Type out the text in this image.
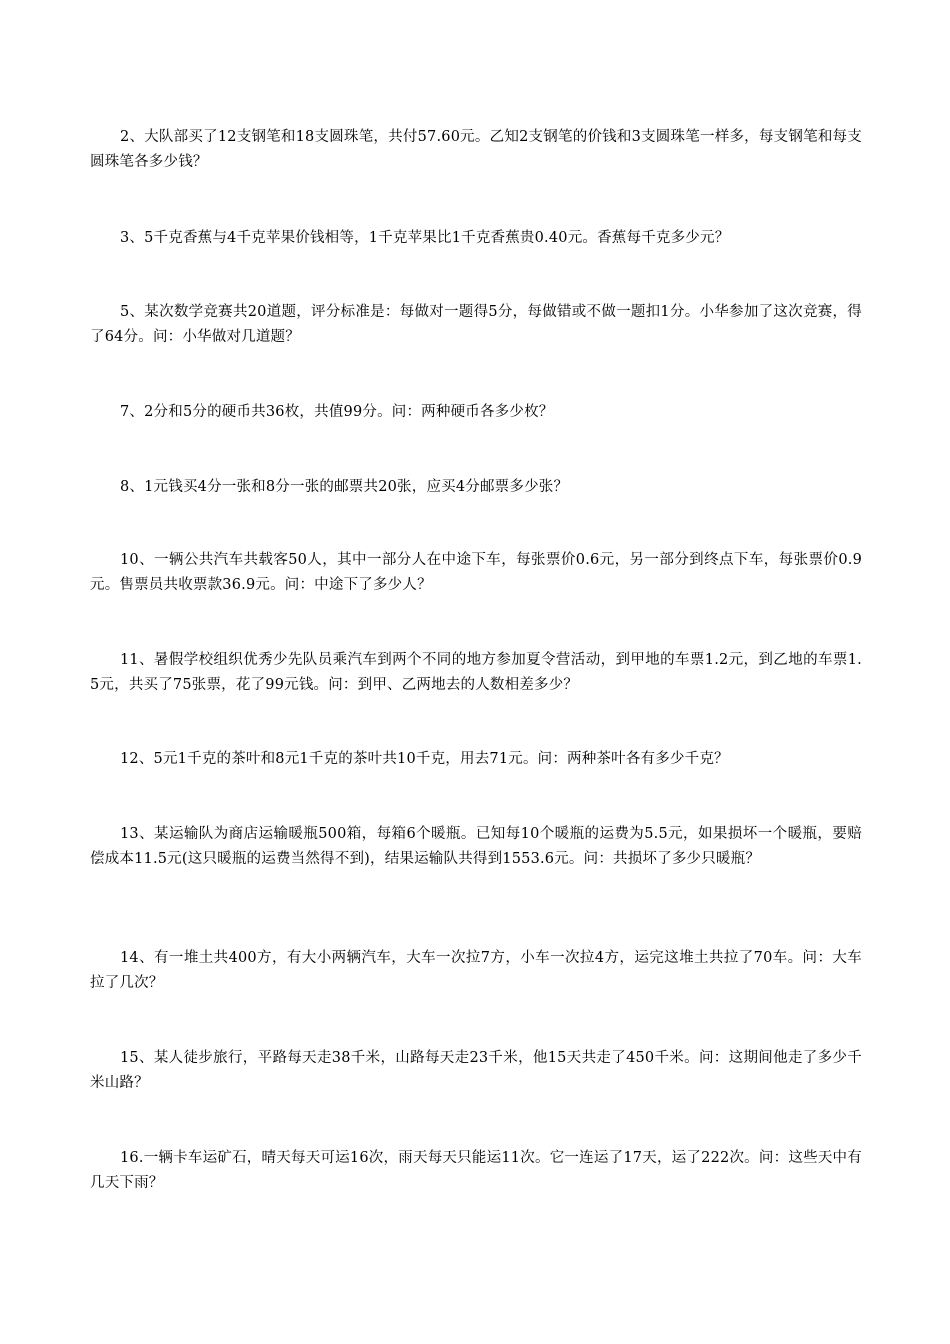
2、大队部买了12支钢笔和18支圆珠笔，共付57.60元。乙知2支钢笔的价钱和3支圆珠笔一样多，每支钢笔和每支圆珠笔各多少钱？

3、5千克香蕉与4千克苹果价钱相等，1千克苹果比1千克香蕉贵0.40元。香蕉每千克多少元？

5、某次数学竞赛共20道题，评分标准是：每做对一题得5分，每做错或不做一题扣1分。小华参加了这次竞赛，得了64分。问：小华做对几道题？

7、2分和5分的硬币共36枚，共值99分。问：两种硬币各多少枚？

8、1元钱买4分一张和8分一张的邮票共20张，应买4分邮票多少张？

10、一辆公共汽车共载客50人，其中一部分人在中途下车，每张票价0.6元，另一部分到终点下车，每张票价0.9元。售票员共收票款36.9元。问：中途下了多少人？

11、暑假学校组织优秀少先队员乘汽车到两个不同的地方参加夏令营活动，到甲地的车票1.2元，到乙地的车票1.5元，共买了75张票，花了99元钱。问：到甲、乙两地去的人数相差多少？

12、5元1千克的茶叶和8元1千克的茶叶共10千克，用去71元。问：两种茶叶各有多少千克？

13、某运输队为商店运输暖瓶500箱，每箱6个暖瓶。已知每10个暖瓶的运费为5.5元，如果损坏一个暖瓶，要赔偿成本11.5元(这只暖瓶的运费当然得不到)，结果运输队共得到1553.6元。问：共损坏了多少只暖瓶？

14、有一堆土共400方，有大小两辆汽车，大车一次拉7方，小车一次拉4方，运完这堆土共拉了70车。问：大车拉了几次？

15、某人徒步旅行，平路每天走38千米，山路每天走23千米，他15天共走了450千米。问：这期间他走了多少千米山路？

16.一辆卡车运矿石，晴天每天可运16次，雨天每天只能运11次。它一连运了17天，运了222次。问：这些天中有几天下雨？
